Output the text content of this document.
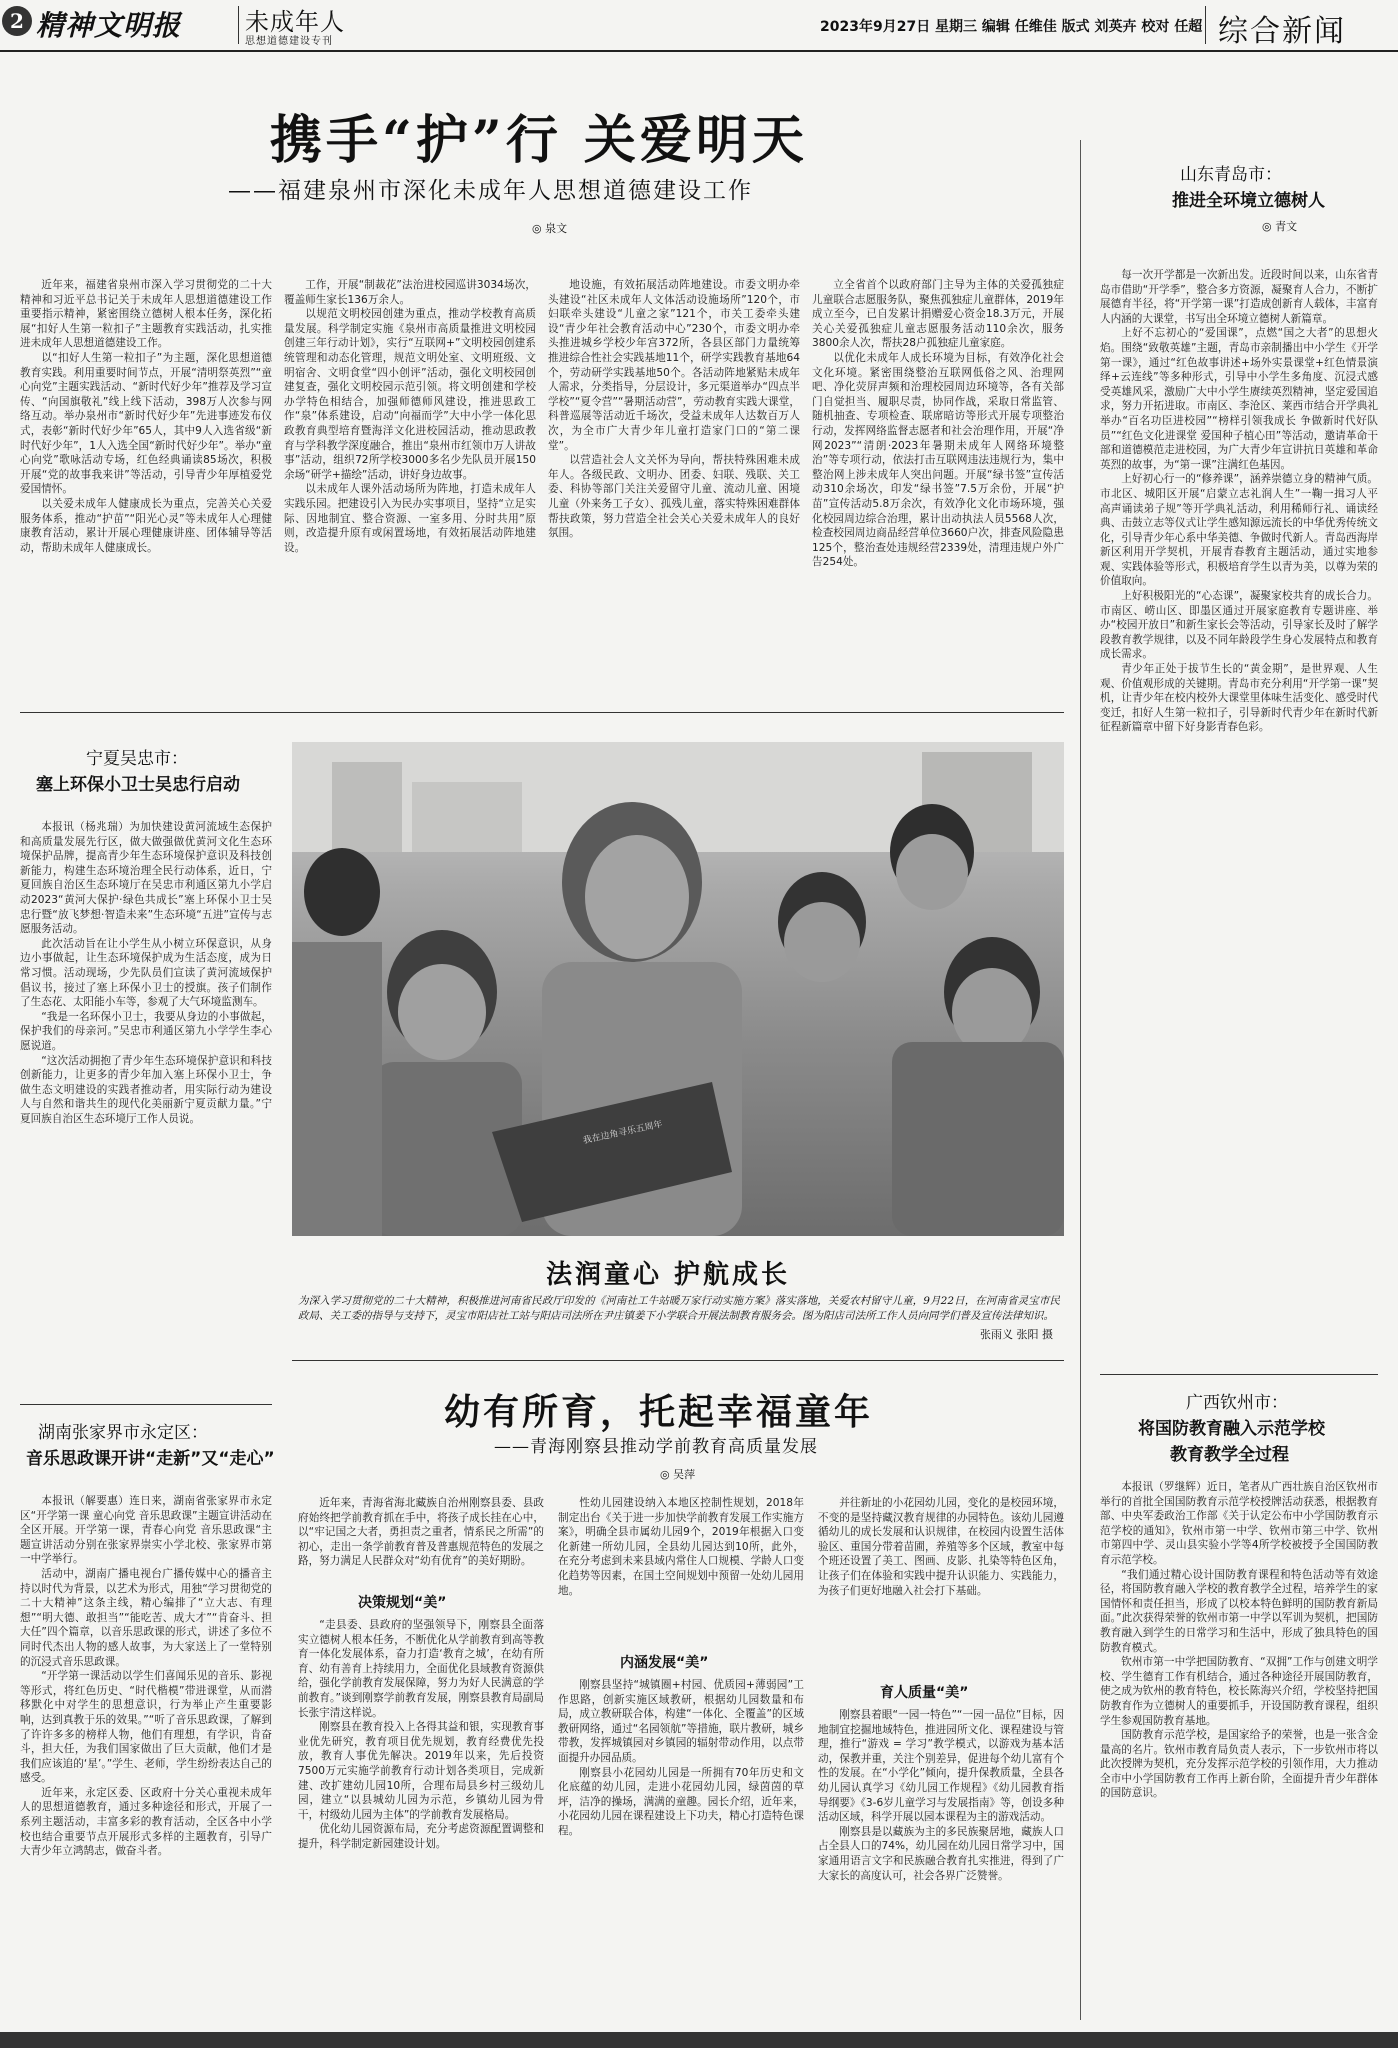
2 精神文明报	未成年人
思想道德建设专刊
2023年9月27日 星期三 编辑 任维佳 版式 刘英卉 校对 任超 综合新闻
携手“护”行 关爱明天
——福建泉州市深化未成年人思想道德建设工作
◎ 泉文

近年来，福建省泉州市深入学习贯彻党的二十大精神和习近平总书记关于未成年人思想道德建设工作重要指示精神，紧密围绕立德树人根本任务，深化拓展“扣好人生第一粒扣子”主题教育实践活动，扎实推进未成年人思想道德建设工作。

以“扣好人生第一粒扣子”为主题，深化思想道德教育实践。利用重要时间节点，开展“清明祭英烈”“童心向党”主题实践活动、“新时代好少年”推荐及学习宣传、“向国旗敬礼”线上线下活动，398万人次参与网络互动。举办泉州市“新时代好少年”先进事迹发布仪式，表彰“新时代好少年”65人，其中9人入选省级“新时代好少年”，1人入选全国“新时代好少年”。举办“童心向党”歌咏活动专场，红色经典诵读85场次，积极开展“党的故事我来讲”等活动，引导青少年厚植爱党爱国情怀。

以关爱未成年人健康成长为重点，完善关心关爱服务体系，推动“护苗”“阳光心灵”等未成年人心理健康教育活动，累计开展心理健康讲座、团体辅导等活动，帮助未成年人健康成长。

工作，开展“制裁花”法治进校园巡讲3034场次，覆盖师生家长136万余人。

以规范文明校园创建为重点，推动学校教育高质量发展。科学制定实施《泉州市高质量推进文明校园创建三年行动计划》，实行“互联网+”文明校园创建系统管理和动态化管理，规范文明处室、文明班级、文明宿舍、文明食堂“四小创评”活动，强化文明校园创建复查，强化文明校园示范引领。将文明创建和学校办学特色相结合，加强师德师风建设，推进思政工作“泉”体系建设，启动“向福而学”大中小学一体化思政教育典型培育暨海洋文化进校园活动，推动思政教育与学科教学深度融合，推出“泉州市红领巾万人讲故事”活动，组织72所学校3000多名少先队员开展150余场“研学+描绘”活动，讲好身边故事。

以未成年人课外活动场所为阵地，打造未成年人实践乐园。把建设引入为民办实事项目，坚持“立足实际、因地制宜、整合资源、一室多用、分时共用”原则，改造提升原有或闲置场地，有效拓展活动阵地建设。

地设施，有效拓展活动阵地建设。市委文明办牵头建设“社区未成年人文体活动设施场所”120个，市妇联牵头建设“儿童之家”121个，市关工委牵头建设“青少年社会教育活动中心”230个，市委文明办牵头推进城乡学校少年宫372所，各县区部门力量统筹推进综合性社会实践基地11个，研学实践教育基地64个，劳动研学实践基地50个。各活动阵地紧贴未成年人需求，分类指导，分层设计，多元渠道举办“四点半学校”“夏令营”“暑期活动营”，劳动教育实践大课堂，科普巡展等活动近千场次，受益未成年人达数百万人次，为全市广大青少年儿童打造家门口的“第二课堂”。

以营造社会人文关怀为导向，帮扶特殊困难未成年人。各级民政、文明办、团委、妇联、残联、关工委、科协等部门关注关爱留守儿童、流动儿童、困境儿童（外来务工子女）、孤残儿童，落实特殊困难群体帮扶政策，努力营造全社会关心关爱未成年人的良好氛围。

立全省首个以政府部门主导为主体的关爱孤独症儿童联合志愿服务队，聚焦孤独症儿童群体，2019年成立至今，已自发累计捐赠爱心资金18.3万元，开展关心关爱孤独症儿童志愿服务活动110余次，服务3800余人次，帮扶28户孤独症儿童家庭。

以优化未成年人成长环境为目标，有效净化社会文化环境。紧密围绕整治互联网低俗之风、治理网吧、净化荧屏声频和治理校园周边环境等，各有关部门自觉担当、履职尽责，协同作战，采取日常监管、随机抽查、专项检查、联席暗访等形式开展专项整治行动，发挥网络监督志愿者和社会治理作用，开展“净网2023”“清朗·2023年暑期未成年人网络环境整治”等专项行动，依法打击互联网违法违规行为，集中整治网上涉未成年人突出问题。开展“绿书签”宣传活动310余场次，印发“绿书签”7.5万余份，开展“护苗”宣传活动5.8万余次，有效净化文化市场环境，强化校园周边综合治理，累计出动执法人员5568人次，检查校园周边商品经营单位3660户次，排查风险隐患125个，整治查处违规经营2339处，清理违规户外广告254处。

山东青岛市：
推进全环境立德树人
◎ 青文

每一次开学都是一次新出发。近段时间以来，山东省青岛市借助“开学季”，整合多方资源，凝聚育人合力，不断扩展德育半径，将“开学第一课”打造成创新育人载体，丰富育人内涵的大课堂，书写出全环境立德树人新篇章。

上好不忘初心的“爱国课”，点燃“国之大者”的思想火焰。围绕“致敬英雄”主题，青岛市亲制播出中小学生《开学第一课》，通过“红色故事讲述+场外实景课堂+红色情景演绎+云连线”等多种形式，引导中小学生多角度、沉浸式感受英雄风采，激励广大中小学生赓续英烈精神，坚定爱国追求，努力开拓进取。市南区、李沧区、莱西市结合开学典礼举办“百名功臣进校园”“榜样引领我成长 争做新时代好队员”“红色文化进课堂 爱国种子植心田”等活动，邀请革命干部和道德模范走进校园，为广大青少年宣讲抗日英雄和革命英烈的故事，为“第一课”注满红色基因。

上好初心行一的“修养课”，涵养崇德立身的精神气质。市北区、城阳区开展“启蒙立志礼润人生”一鞠一揖习人平 高声诵读弟子规”等开学典礼活动，利用稀师行礼、诵读经典、击鼓立志等仪式让学生感知源远流长的中华优秀传统文化，引导青少年心系中华美德、争做时代新人。青岛西海岸新区利用开学契机，开展青春教育主题活动，通过实地参观、实践体验等形式，积极培育学生以青为美，以尊为荣的价值取向。

上好积极阳光的“心态课”，凝聚家校共育的成长合力。市南区、崂山区、即墨区通过开展家庭教育专题讲座、举办“校园开放日”和新生家长会等活动，引导家长及时了解学段教育教学规律，以及不同年龄段学生身心发展特点和教育成长需求。

青少年正处于拔节生长的“黄金期”，是世界观、人生观、价值观形成的关键期。青岛市充分利用“开学第一课”契机，让青少年在校内校外大课堂里体味生活变化、感受时代变迁，扣好人生第一粒扣子，引导新时代青少年在新时代新征程新篇章中留下好身影青春色彩。

宁夏吴忠市：
塞上环保小卫士吴忠行启动

本报讯（杨兆瑞）为加快建设黄河流域生态保护和高质量发展先行区，做大做强做优黄河文化生态环境保护品牌，提高青少年生态环境保护意识及科技创新能力，构建生态环境治理全民行动体系，近日，宁夏回族自治区生态环境厅在吴忠市利通区第九小学启动2023“黄河大保护·绿色共成长”塞上环保小卫士吴忠行暨“放飞梦想·智造未来”生态环境“五进”宣传与志愿服务活动。

此次活动旨在让小学生从小树立环保意识，从身边小事做起，让生态环境保护成为生活态度，成为日常习惯。活动现场，少先队员们宣读了黄河流域保护倡议书，接过了塞上环保小卫士的授旗。孩子们制作了生态花、太阳能小车等，参观了大气环境监测车。

“我是一名环保小卫士，我要从身边的小事做起，保护我们的母亲河。”吴忠市利通区第九小学学生李心愿说道。

“这次活动拥抱了青少年生态环境保护意识和科技创新能力，让更多的青少年加入塞上环保小卫士，争做生态文明建设的实践者推动者，用实际行动为建设人与自然和谐共生的现代化美丽新宁夏贡献力量。”宁夏回族自治区生态环境厅工作人员说。

我在边角寻乐五周年
法润童心 护航成长
为深入学习贯彻党的二十大精神，积极推进河南省民政厅印发的《河南社工牛站暖万家行动实施方案》落实落地，关爱农村留守儿童，9月22日，在河南省灵宝市民政局、关工委的指导与支持下，灵宝市阳店社工站与阳店司法所在尹庄镇姜下小学联合开展法制教育服务会。图为阳店司法所工作人员向同学们普及宣传法律知识。
张雨义 张阳 摄
湖南张家界市永定区：
音乐思政课开讲“走新”又“走心”

本报讯（解要惠）连日来，湖南省张家界市永定区“开学第一课 童心向党 音乐思政课”主题宣讲活动在全区开展。开学第一课，青春心向党 音乐思政课“主题宣讲活动分别在张家界崇实小学北校、张家界市第一中学举行。

活动中，湖南广播电视台广播传媒中心的播音主持以时代为背景，以艺术为形式，用独“学习贯彻党的二十大精神”这条主线，精心编排了“立大志、有理想”“明大德、敢担当”“能吃苦、成大才”“肯奋斗、担大任”四个篇章，以音乐思政课的形式，讲述了多位不同时代杰出人物的感人故事，为大家送上了一堂特别的沉浸式音乐思政课。

“开学第一课活动以学生们喜闻乐见的音乐、影视等形式，将红色历史、“时代楷模”带进课堂，从而潜移默化中对学生的思想意识，行为举止产生重要影响，达到真教于乐的效果。”“听了音乐思政课，了解到了许许多多的榜样人物，他们有理想，有学识，肯奋斗，担大任，为我们国家做出了巨大贡献，他们才是我们应该追的‘星’。”学生、老师，学生纷纷表达自己的感受。

近年来，永定区委、区政府十分关心重视未成年人的思想道德教育，通过多种途径和形式，开展了一系列主题活动，丰富多彩的教育活动，全区各中小学校也结合重要节点开展形式多样的主题教育，引导广大青少年立鸿鹄志，做奋斗者。

幼有所育，托起幸福童年
——青海刚察县推动学前教育高质量发展
◎ 吴萍

近年来，青海省海北藏族自治州刚察县委、县政府始终把学前教育抓在手中，将孩子成长挂在心中，以“牢记国之大者，勇担责之重者，情系民之所需”的初心，走出一条学前教育普及普惠规范特色的发展之路，努力满足人民群众对“幼有优育”的美好期盼。

决策规划“美”

“走县委、县政府的坚强领导下，刚察县全面落实立德树人根本任务，不断优化从学前教育到高等教育一体化发展体系，奋力打造‘教育之城’，在幼有所育、幼有善育上持续用力，全面优化县域教育资源供给，强化学前教育发展保障，努力为好人民满意的学前教育。”谈到刚察学前教育发展，刚察县教育局副局长张宇清这样说。

刚察县在教育投入上各得其益和银，实现教育事业优先研究，教育项目优先规划，教育经费优先投放，教育人事优先解决。2019年以来，先后投资7500万元实施学前教育行动计划各类项目，完成新建、改扩建幼儿园10所，合理布局县乡村三级幼儿园，建立“以县城幼儿园为示范，乡镇幼儿园为骨干，村级幼儿园为主体”的学前教育发展格局。

优化幼儿园资源布局，充分考虑资源配置调整和提升，科学制定新园建设计划。

性幼儿园建设纳入本地区控制性规划，2018年制定出台《关于进一步加快学前教育发展工作实施方案》，明确全县市属幼儿园9个，2019年根据入口变化新建一所幼儿园，全县幼儿园达到10所，此外，在充分考虑到未来县域内常住人口规模、学龄人口变化趋势等因素，在国土空间规划中预留一处幼儿园用地。

内涵发展“美”

刚察县坚持“城镇圈+村园、优质园+薄弱园”工作思路，创新实施区域教研，根据幼儿园数量和布局，成立教研联合体，构建“一体化、全覆盖”的区域教研网络，通过“名园领航”等措施，联片教研，城乡带教，发挥城镇园对乡镇园的辐射带动作用，以点带面提升办园品质。

刚察县小花园幼儿园是一所拥有70年历史和文化底蕴的幼儿园，走进小花园幼儿园，绿茵茵的草坪，洁净的操场，满满的童趣。园长介绍，近年来，小花园幼儿园在课程建设上下功夫，精心打造特色课程。

并往新址的小花园幼儿园，变化的是校园环境，不变的是坚持藏汉教育规律的办园特色。该幼儿园遵循幼儿的成长发展和认识规律，在校园内设置生活体验区、重国分带着苗圃，养殖等多个区域，教室中每个班还设置了美工、图画、皮影、扎染等特色区角，让孩子们在体验和实践中提升认识能力、实践能力，为孩子们更好地融入社会打下基础。

育人质量“美”

刚察县着眼“一园一特色”“一园一品位”目标，因地制宜挖掘地域特色，推进园所文化、课程建设与管理，推行“游戏 = 学习”教学模式，以游戏为基本活动，保教并重，关注个别差异，促进每个幼儿富有个性的发展。在“小学化”倾向，提升保教质量，全县各幼儿园认真学习《幼儿园工作规程》《幼儿园教育指导纲要》《3-6岁儿童学习与发展指南》等，创设多种活动区域，科学开展以园本课程为主的游戏活动。

刚察县是以藏族为主的多民族聚居地，藏族人口占全县人口的74%，幼儿园在幼儿园日常学习中，国家通用语言文字和民族融合教育扎实推进，得到了广大家长的高度认可，社会各界广泛赞誉。

广西钦州市：
将国防教育融入示范学校
教育教学全过程

本报讯（罗继辉）近日，笔者从广西壮族自治区钦州市举行的首批全国国防教育示范学校授牌活动获悉，根据教育部、中央军委政治工作部《关于认定公布中小学国防教育示范学校的通知》，钦州市第一中学、钦州市第三中学、钦州市第四中学、灵山县实验小学等4所学校被授予全国国防教育示范学校。

“我们通过精心设计国防教育课程和特色活动等有效途径，将国防教育融入学校的教育教学全过程，培养学生的家国情怀和责任担当，形成了以校本特色鲜明的国防教育新局面。”此次获得荣誉的钦州市第一中学以军训为契机，把国防教育融入到学生的日常学习和生活中，形成了独具特色的国防教育模式。

钦州市第一中学把国防教育、“双拥”工作与创建文明学校、学生德育工作有机结合，通过各种途径开展国防教育，使之成为钦州的教育特色，校长陈海兴介绍，学校坚持把国防教育作为立德树人的重要抓手，开设国防教育课程，组织学生参观国防教育基地。

国防教育示范学校，是国家给予的荣誉，也是一张含金量高的名片。钦州市教育局负责人表示，下一步钦州市将以此次授牌为契机，充分发挥示范学校的引领作用，大力推动全市中小学国防教育工作再上新台阶，全面提升青少年群体的国防意识。
